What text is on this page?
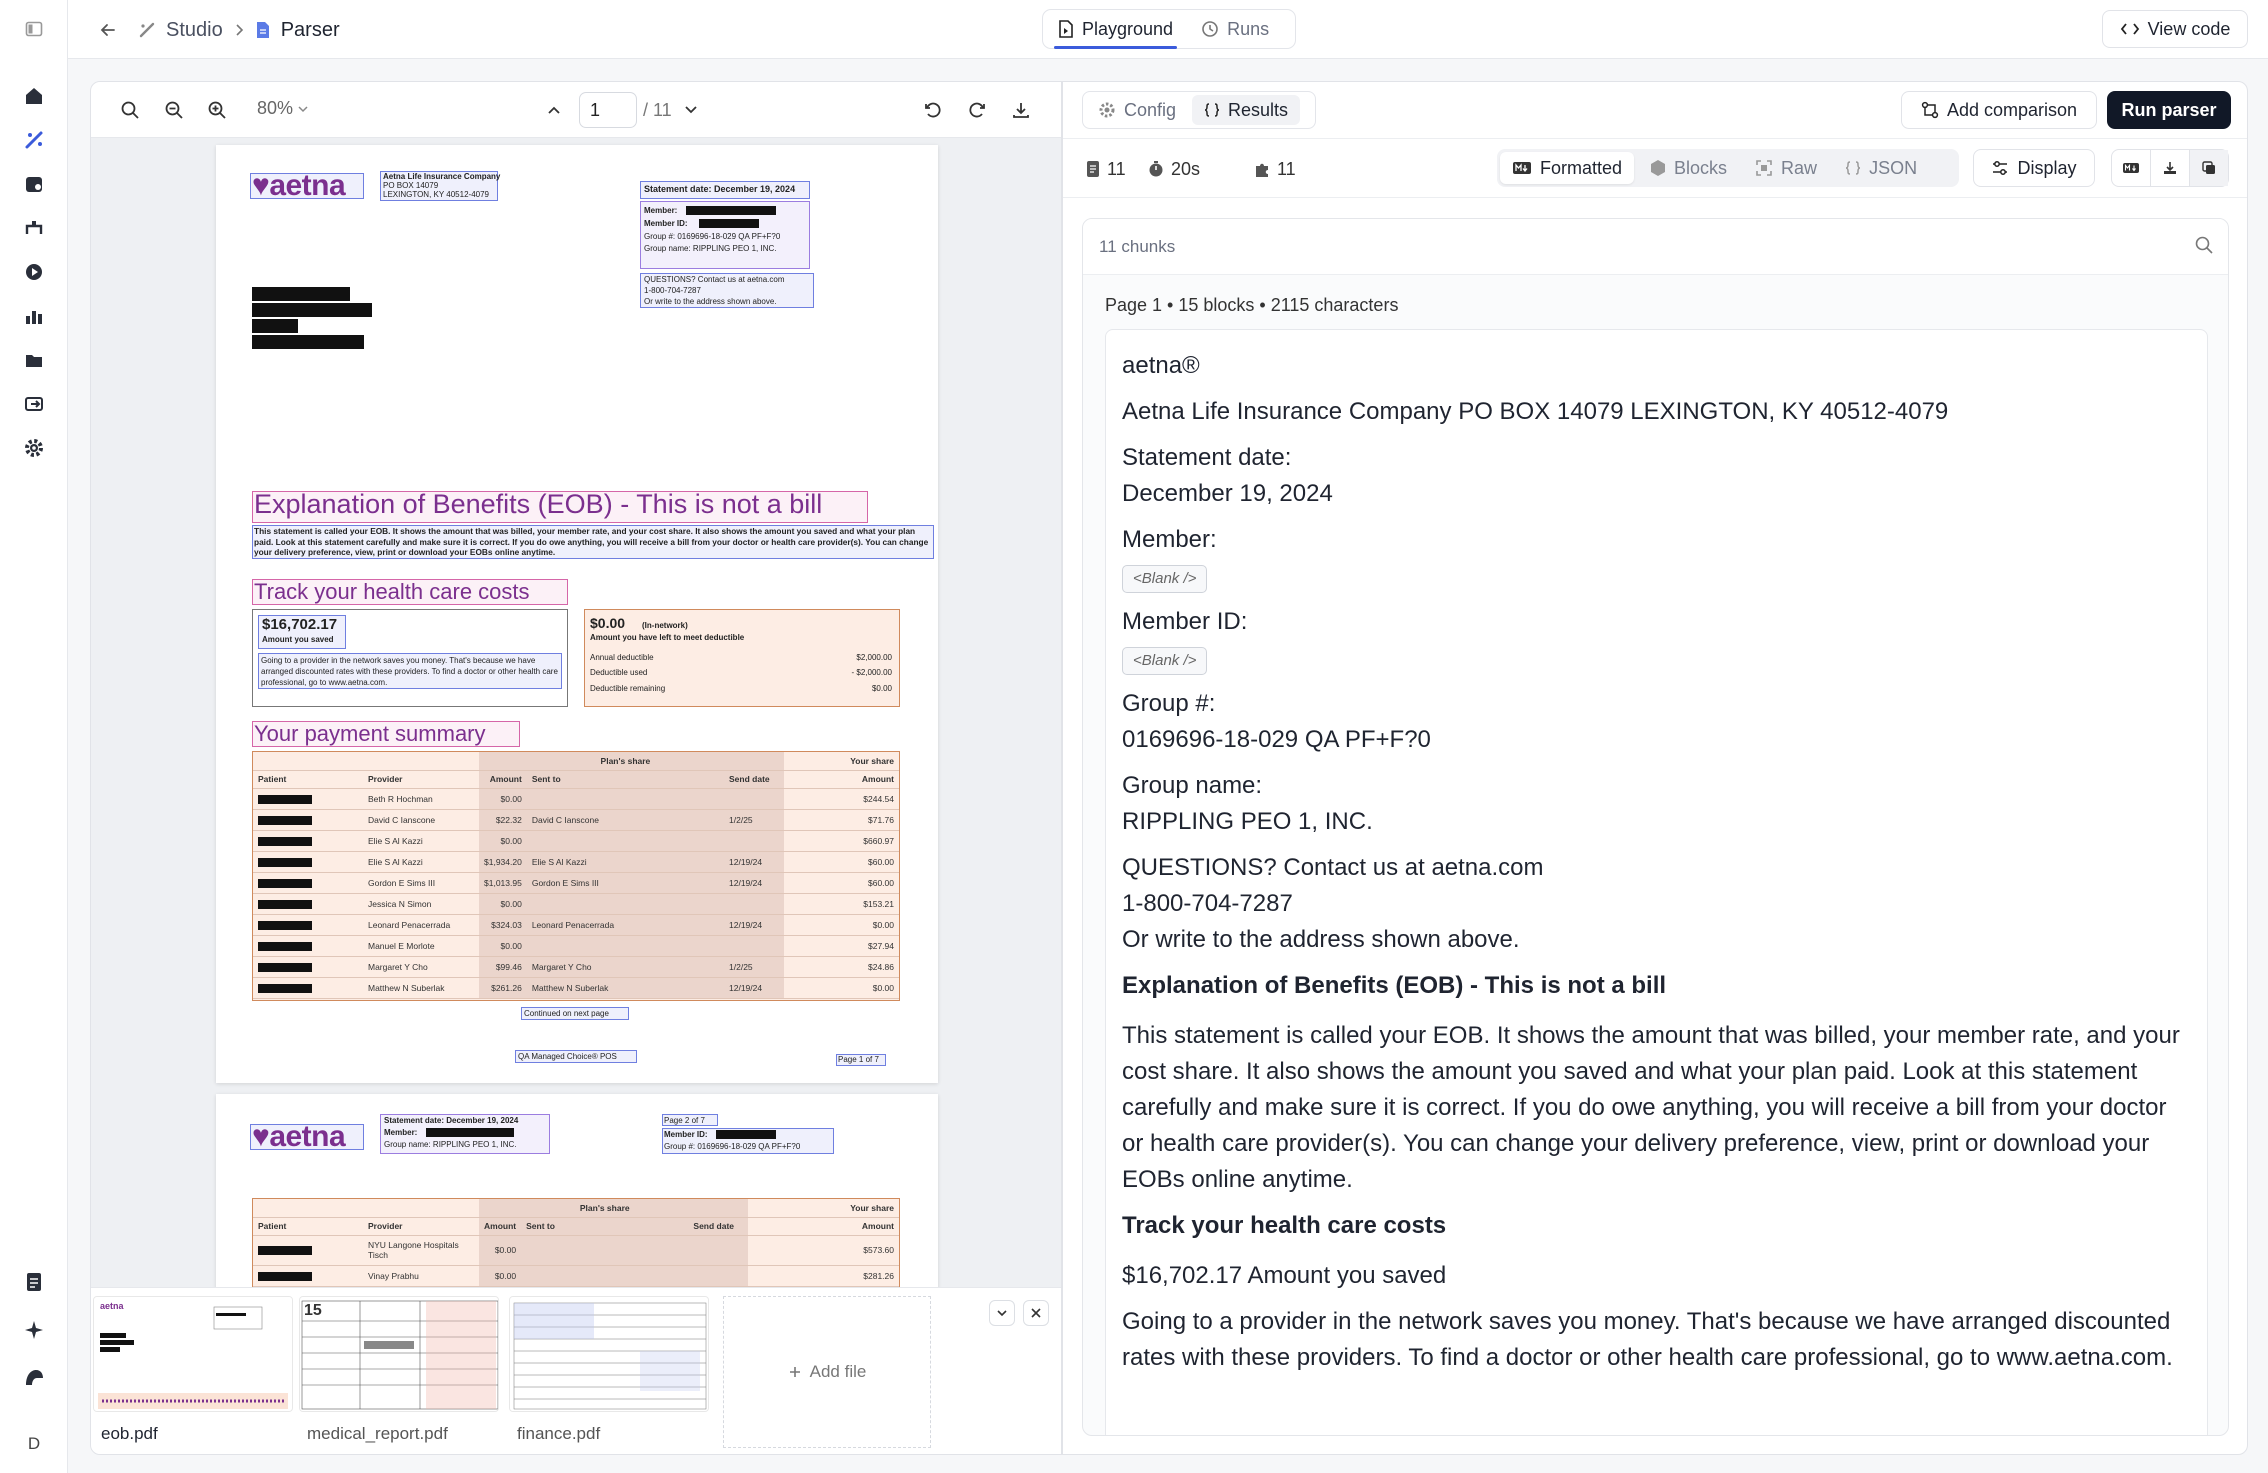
D
Studio	Parser	Playground	Runs	View code
80%
1	/ 11
♥aetna	Aetna Life Insurance Company
PO BOX 14079
LEXINGTON, KY 40512-4079
Statement date: December 19, 2024
Member:
Member ID:
Group #: 0169696-18-029 QA PF+F?0
Group name: RIPPLING PEO 1, INC.
QUESTIONS? Contact us at aetna.com
1-800-704-7287
Or write to the address shown above.
Explanation of Benefits (EOB) - This is not a bill
This statement is called your EOB. It shows the amount that was billed, your member rate, and your cost share. It also shows the amount you saved and what your plan paid. Look at this statement carefully and make sure it is correct. If you do owe anything, you will receive a bill from your doctor or health care provider(s). You can change your delivery preference, view, print or download your EOBs online anytime.
Track your health care costs
$16,702.17
Amount you saved
Going to a provider in the network saves you money. That's because we have arranged discounted rates with these providers. To find a doctor or other health care professional, go to www.aetna.com.
$0.00 (In-network)
Amount you have left to meet deductible
Annual deductible	$2,000.00
Deductible used	- $2,000.00
Deductible remaining	$0.00
Your payment summary
			Plan's share		Your share
Patient	Provider	Amount	Sent to	Send date	Amount
	Beth R Hochman	$0.00			$244.54
	David C Ianscone	$22.32	David C Ianscone	1/2/25	$71.76
	Elie S Al Kazzi	$0.00			$660.97
	Elie S Al Kazzi	$1,934.20	Elie S Al Kazzi	12/19/24	$60.00
	Gordon E Sims III	$1,013.95	Gordon E Sims III	12/19/24	$60.00
	Jessica N Simon	$0.00			$153.21
	Leonard Penacerrada	$324.03	Leonard Penacerrada	12/19/24	$0.00
	Manuel E Morlote	$0.00			$27.94
	Margaret Y Cho	$99.46	Margaret Y Cho	1/2/25	$24.86
	Matthew N Suberlak	$261.26	Matthew N Suberlak	12/19/24	$0.00
Continued on next page
QA Managed Choice® POS	Page 1 of 7
♥aetna	Statement date: December 19, 2024
Member:
Group name: RIPPLING PEO 1, INC.
Page 2 of 7
Member ID:
Group #: 0169696-18-029 QA PF+F?0
			Plan's share		Your share
Patient	Provider	Amount	Sent to	Send date	Amount
	NYU Langone Hospitals Tisch	$0.00			$573.60
	Vinay Prabhu	$0.00			$281.26
aetna
eob.pdf
15
medical_report.pdf	finance.pdf
Add file
Config	Results	Add comparison	Run parser
11	20s	11	Formatted	Blocks	Raw	JSON	Display
11 chunks
Page 1 • 15 blocks • 2115 characters

aetna®

Aetna Life Insurance Company PO BOX 14079 LEXINGTON, KY 40512-4079

Statement date:

December 19, 2024

Member:

<Blank />

Member ID:

<Blank />

Group #:

0169696-18-029 QA PF+F?0

Group name:

RIPPLING PEO 1, INC.

QUESTIONS? Contact us at aetna.com
1-800-704-7287

Or write to the address shown above.

Explanation of Benefits (EOB) - This is not a bill

This statement is called your EOB. It shows the amount that was billed, your member rate, and your cost share. It also shows the amount you saved and what your plan paid. Look at this statement carefully and make sure it is correct. If you do owe anything, you will receive a bill from your doctor or health care provider(s). You can change your delivery preference, view, print or download your EOBs online anytime.

Track your health care costs

$16,702.17 Amount you saved

Going to a provider in the network saves you money. That's because we have arranged discounted rates with these providers. To find a doctor or other health care professional, go to www.aetna.com.
